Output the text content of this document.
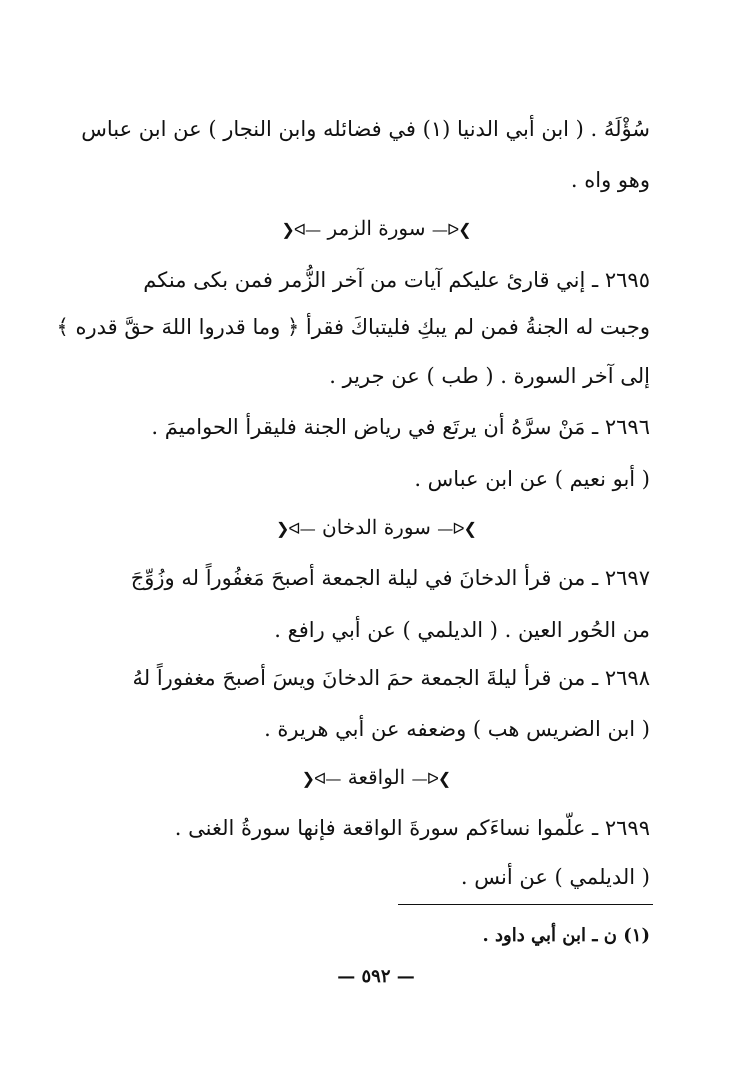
سُؤْلَهُ . ( ابن أبي الدنيا (١) في فضائله وابن النجار ) عن ابن عباس
وهو واه .
❯ᐅ— سورة الزمر —ᐊ❮
٢٦٩٥ ـ إني قارئ عليكم آيات من آخر الزُّمر فمن بكى منكم
وجبت له الجنةُ فمن لم يبكِ فليتباكَ فقرأ ﴿ وما قدروا اللهَ حقَّ قدره ﴾
إلى آخر السورة . ( طب ) عن جرير .
٢٦٩٦ ـ مَنْ سرَّهُ أن يرتَع في رياض الجنة فليقرأ الحواميمَ .
( أبو نعيم ) عن ابن عباس .
❯ᐅ— سورة الدخان —ᐊ❮
٢٦٩٧ ـ من قرأ الدخانَ في ليلة الجمعة أصبحَ مَغفُوراً له وزُوِّجَ
من الحُور العين . ( الديلمي ) عن أبي رافع .
٢٦٩٨ ـ من قرأ ليلةَ الجمعة حمَ الدخانَ ويسَ أصبحَ مغفوراً لهُ
( ابن الضريس هب ) وضعفه عن أبي هريرة .
❯ᐅ— الواقعة —ᐊ❮
٢٦٩٩ ـ علّموا نساءَكم سورةَ الواقعة فإنها سورةُ الغنى .
( الديلمي ) عن أنس .
(١) ن ـ ابن أبي داود .
— ٥٩٢ —
